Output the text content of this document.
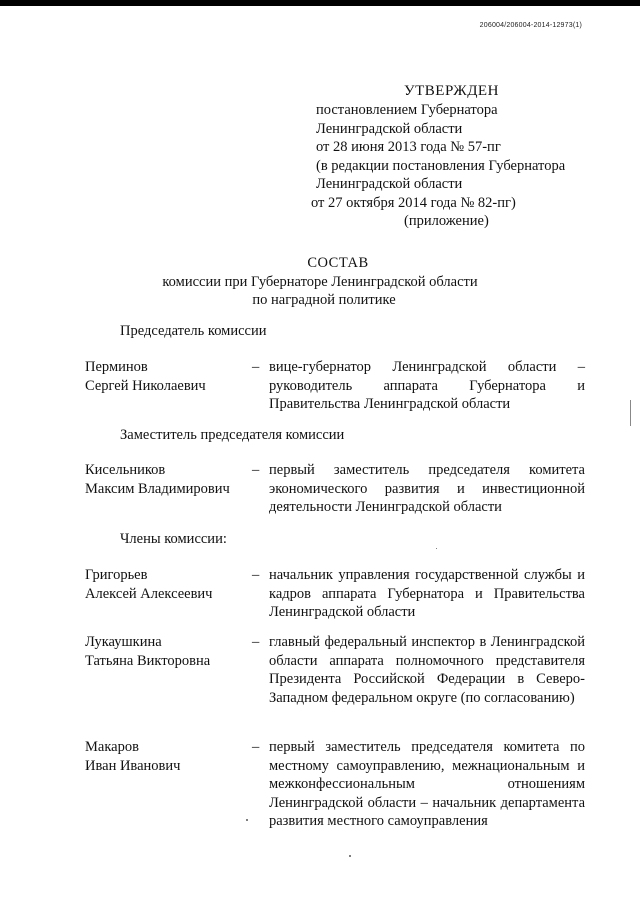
206004/206004-2014-12973(1)
УТВЕРЖДЕН
постановлением Губернатора
Ленинградской области
от 28 июня 2013 года № 57-пг
(в редакции постановления Губернатора
Ленинградской области
от 27 октября 2014 года № 82-пг)
(приложение)
СОСТАВ
комиссии при Губернаторе Ленинградской области
по наградной политике
Председатель комиссии
Перминов
Сергей Николаевич
– вице-губернатор Ленинградской области – руководитель аппарата Губернатора и Правительства Ленинградской области
Заместитель председателя комиссии
Кисельников
Максим Владимирович
– первый заместитель председателя комитета экономического развития и инвестиционной деятельности Ленинградской области
Члены комиссии:
Григорьев
Алексей Алексеевич
– начальник управления государственной службы и кадров аппарата Губернатора и Правительства Ленинградской области
Лукаушкина
Татьяна Викторовна
– главный федеральный инспектор в Ленинградской области аппарата полномочного представителя Президента Российской Федерации в Северо-Западном федеральном округе (по согласованию)
Макаров
Иван Иванович
– первый заместитель председателя комитета по местному самоуправлению, межнациональным и межконфессиональным отношениям Ленинградской области – начальник департамента развития местного самоуправления
